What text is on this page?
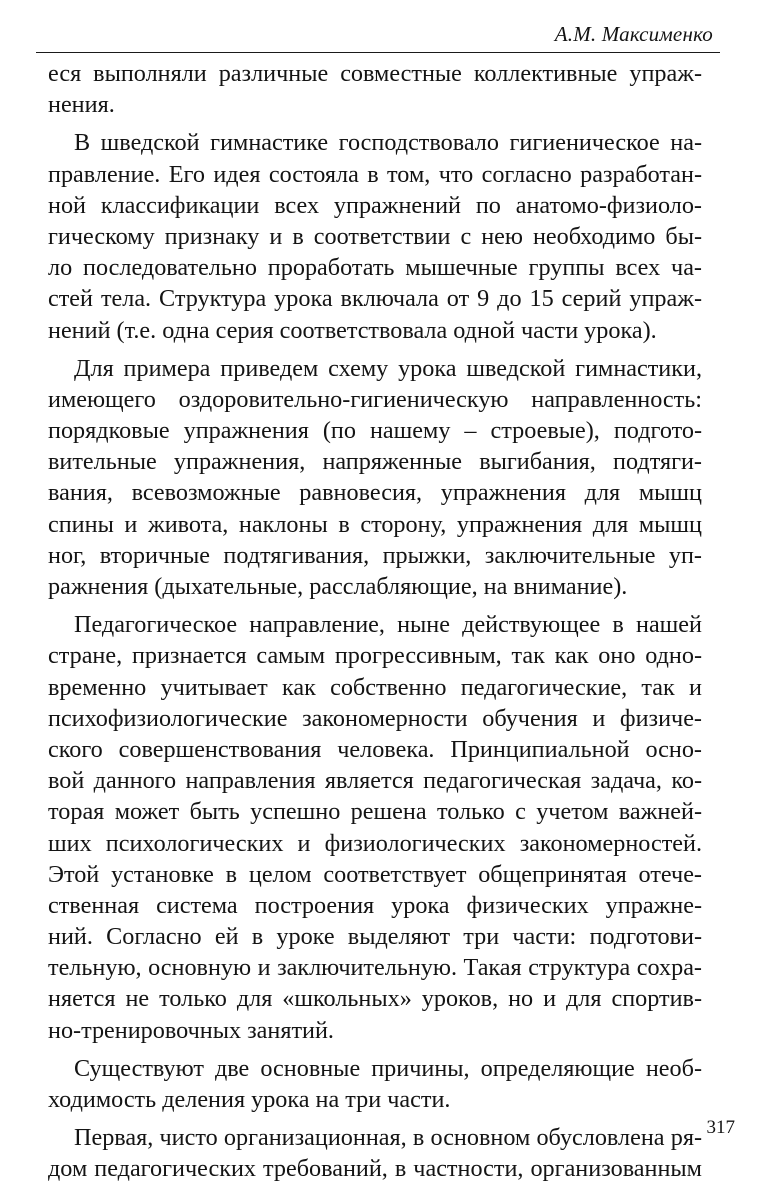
А.М. Максименко
еся выполняли различные совместные коллективные упраж-
нения.
В шведской гимнастике господствовало гигиеническое на-
правление. Его идея состояла в том, что согласно разработан-
ной классификации всех упражнений по анатомо-физиоло-
гическому признаку и в соответствии с нею необходимо бы-
ло последовательно проработать мышечные группы всех ча-
стей тела. Структура урока включала от 9 до 15 серий упраж-
нений (т.е. одна серия соответствовала одной части урока).
Для примера приведем схему урока шведской гимнастики,
имеющего оздоровительно-гигиеническую направленность:
порядковые упражнения (по нашему – строевые), подгото-
вительные упражнения, напряженные выгибания, подтяги-
вания, всевозможные равновесия, упражнения для мышц
спины и живота, наклоны в сторону, упражнения для мышц
ног, вторичные подтягивания, прыжки, заключительные уп-
ражнения (дыхательные, расслабляющие, на внимание).
Педагогическое направление, ныне действующее в нашей
стране, признается самым прогрессивным, так как оно одно-
временно учитывает как собственно педагогические, так и
психофизиологические закономерности обучения и физиче-
ского совершенствования человека. Принципиальной осно-
вой данного направления является педагогическая задача, ко-
торая может быть успешно решена только с учетом важней-
ших психологических и физиологических закономерностей.
Этой установке в целом соответствует общепринятая отече-
ственная система построения урока физических упражне-
ний. Согласно ей в уроке выделяют три части: подготови-
тельную, основную и заключительную. Такая структура сохра-
няется не только для «школьных» уроков, но и для спортив-
но-тренировочных занятий.
Существуют две основные причины, определяющие необ-
ходимость деления урока на три части.
Первая, чисто организационная, в основном обусловлена ря-
дом педагогических требований, в частности, организованным
317
